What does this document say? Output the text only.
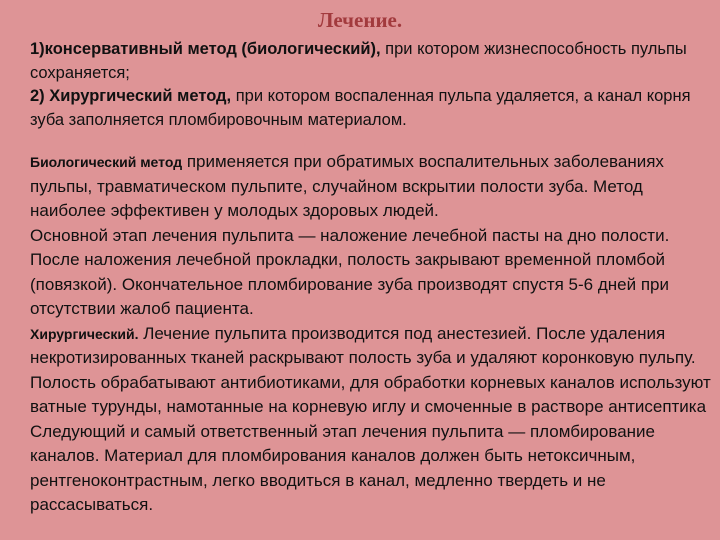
Лечение.

1)консервативный метод (биологический), при котором жизнеспособность пульпы сохраняется;

2) Хирургический метод, при котором воспаленная пульпа удаляется, а канал корня зуба заполняется пломбировочным материалом.

Биологический метод применяется при обратимых воспалительных заболеваниях пульпы, травматическом пульпите, случайном вскрытии полости зуба. Метод наиболее эффективен у молодых здоровых людей.

Основной этап лечения пульпита — наложение лечебной пасты на дно полости. После наложения лечебной прокладки, полость закрывают временной пломбой (повязкой). Окончательное пломбирование зуба производят спустя 5-6 дней при отсутствии жалоб пациента.

Хирургический. Лечение пульпита производится под анестезией. После удаления некротизированных тканей раскрывают полость зуба и удаляют коронковую пульпу. Полость обрабатывают антибиотиками, для обработки корневых каналов используют ватные турунды, намотанные на корневую иглу и смоченные в растворе антисептика

Следующий и самый ответственный этап лечения пульпита — пломбирование каналов. Материал для пломбирования каналов должен быть нетоксичным, рентгеноконтрастным, легко вводиться в канал, медленно твердеть и не рассасываться.
